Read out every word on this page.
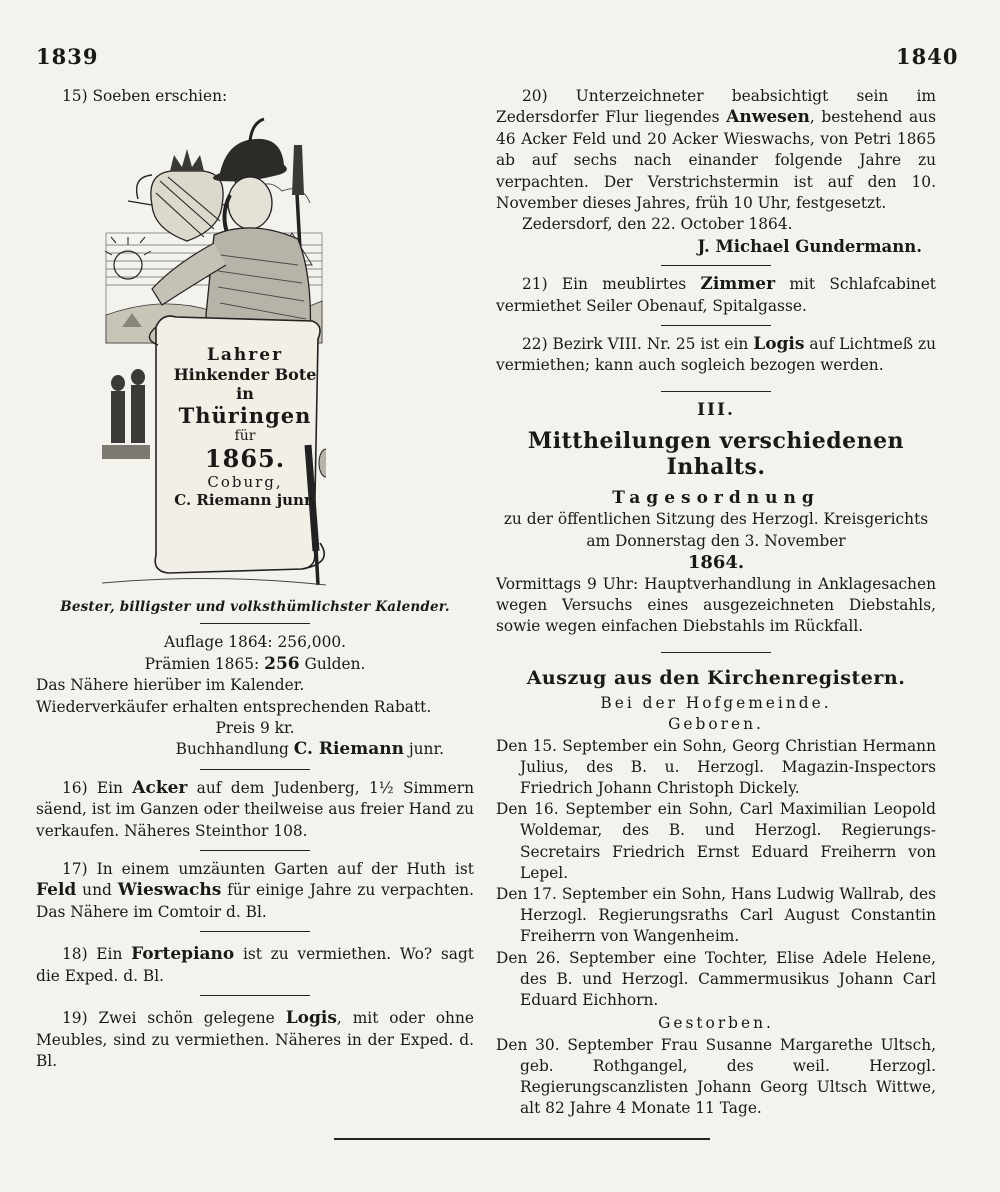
1839	1840

15) Soeben erschien:

Lahrer
Hinkender Bote
in
Thüringen
für
1865.
Coburg,
C. Riemann junr.

Bester, billigster und volksthümlichster Kalender.

Auflage 1864: 256,000.

Prämien 1865: 256 Gulden.

Das Nähere hierüber im Kalender.

Wiederverkäufer erhalten entsprechenden Rabatt.

Preis 9 kr.

Buchhandlung C. Riemann junr.

16) Ein Acker auf dem Judenberg, 1½ Simmern säend, ist im Ganzen oder theilweise aus freier Hand zu verkaufen. Näheres Steinthor 108.

17) In einem umzäunten Garten auf der Huth ist Feld und Wieswachs für einige Jahre zu verpachten. Das Nähere im Comtoir d. Bl.

18) Ein Fortepiano ist zu vermiethen. Wo? sagt die Exped. d. Bl.

19) Zwei schön gelegene Logis, mit oder ohne Meubles, sind zu vermiethen. Näheres in der Exped. d. Bl.

20) Unterzeichneter beabsichtigt sein im Zedersdorfer Flur liegendes Anwesen, bestehend aus 46 Acker Feld und 20 Acker Wieswachs, von Petri 1865 ab auf sechs nach einander folgende Jahre zu verpachten. Der Verstrichstermin ist auf den 10. November dieses Jahres, früh 10 Uhr, festgesetzt.

Zedersdorf, den 22. October 1864.

J. Michael Gundermann.

21) Ein meublirtes Zimmer mit Schlafcabinet vermiethet Seiler Obenauf, Spitalgasse.

22) Bezirk VIII. Nr. 25 ist ein Logis auf Lichtmeß zu vermiethen; kann auch sogleich bezogen werden.

III.

Mittheilungen verschiedenen Inhalts.

Tagesordnung

zu der öffentlichen Sitzung des Herzogl. Kreisgerichts am Donnerstag den 3. November

1864.

Vormittags 9 Uhr: Hauptverhandlung in Anklagesachen wegen Versuchs eines ausgezeichneten Diebstahls, sowie wegen einfachen Diebstahls im Rückfall.

Auszug aus den Kirchenregistern.

Bei der Hofgemeinde.

Geboren.

Den 15. September ein Sohn, Georg Christian Hermann Julius, des B. u. Herzogl. Magazin-Inspectors Friedrich Johann Christoph Dickely.

Den 16. September ein Sohn, Carl Maximilian Leopold Woldemar, des B. und Herzogl. Regierungs-Secretairs Friedrich Ernst Eduard Freiherrn von Lepel.

Den 17. September ein Sohn, Hans Ludwig Wallrab, des Herzogl. Regierungsraths Carl August Constantin Freiherrn von Wangenheim.

Den 26. September eine Tochter, Elise Adele Helene, des B. und Herzogl. Cammermusikus Johann Carl Eduard Eichhorn.

Gestorben.

Den 30. September Frau Susanne Margarethe Ultsch, geb. Rothgangel, des weil. Herzogl. Regierungscanzlisten Johann Georg Ultsch Wittwe, alt 82 Jahre 4 Monate 11 Tage.
